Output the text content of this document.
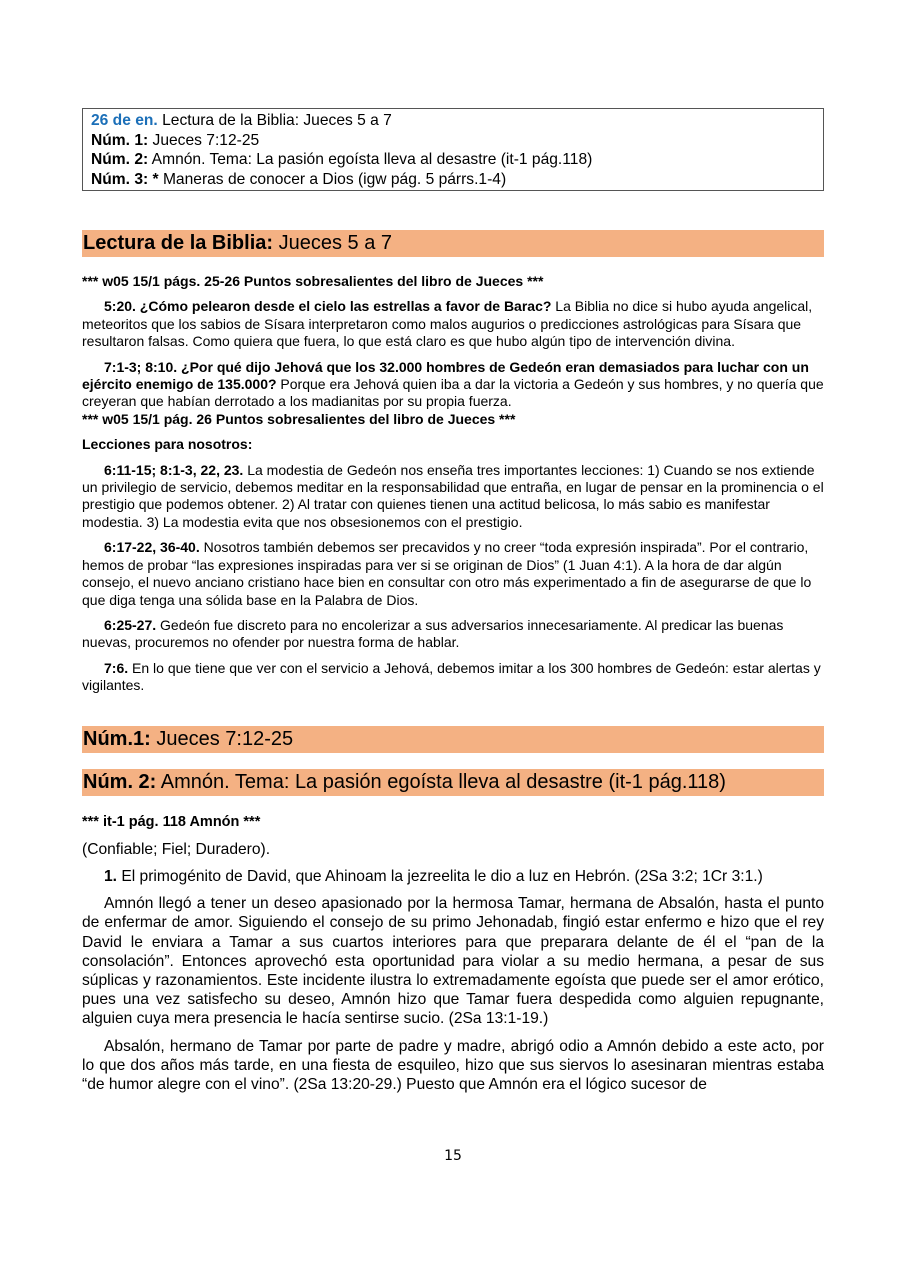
26 de en. Lectura de la Biblia: Jueces 5 a 7
Núm. 1: Jueces 7:12-25
Núm. 2: Amnón. Tema: La pasión egoísta lleva al desastre (it-1 pág.118)
Núm. 3: * Maneras de conocer a Dios (igw pág. 5 párrs.1-4)
Lectura de la Biblia: Jueces 5 a 7

*** w05 15/1 págs. 25-26 Puntos sobresalientes del libro de Jueces ***

5:20. ¿Cómo pelearon desde el cielo las estrellas a favor de Barac? La Biblia no dice si hubo ayuda angelical, meteoritos que los sabios de Sísara interpretaron como malos augurios o predicciones astrológicas para Sísara que resultaron falsas. Como quiera que fuera, lo que está claro es que hubo algún tipo de intervención divina.

7:1-3; 8:10. ¿Por qué dijo Jehová que los 32.000 hombres de Gedeón eran demasiados para luchar con un ejército enemigo de 135.000? Porque era Jehová quien iba a dar la victoria a Gedeón y sus hombres, y no quería que creyeran que habían derrotado a los madianitas por su propia fuerza.

*** w05 15/1 pág. 26 Puntos sobresalientes del libro de Jueces ***

Lecciones para nosotros:

6:11-15; 8:1-3, 22, 23. La modestia de Gedeón nos enseña tres importantes lecciones: 1) Cuando se nos extiende un privilegio de servicio, debemos meditar en la responsabilidad que entraña, en lugar de pensar en la prominencia o el prestigio que podemos obtener. 2) Al tratar con quienes tienen una actitud belicosa, lo más sabio es manifestar modestia. 3) La modestia evita que nos obsesionemos con el prestigio.

6:17-22, 36-40. Nosotros también debemos ser precavidos y no creer “toda expresión inspirada”. Por el contrario, hemos de probar “las expresiones inspiradas para ver si se originan de Dios” (1 Juan 4:1). A la hora de dar algún consejo, el nuevo anciano cristiano hace bien en consultar con otro más experimentado a fin de asegurarse de que lo que diga tenga una sólida base en la Palabra de Dios.

6:25-27. Gedeón fue discreto para no encolerizar a sus adversarios innecesariamente. Al predicar las buenas nuevas, procuremos no ofender por nuestra forma de hablar.

7:6. En lo que tiene que ver con el servicio a Jehová, debemos imitar a los 300 hombres de Gedeón: estar alertas y vigilantes.

Núm.1: Jueces 7:12-25
Núm. 2: Amnón. Tema: La pasión egoísta lleva al desastre (it-1 pág.118)

*** it-1 pág. 118 Amnón ***

(Confiable; Fiel; Duradero).

1. El primogénito de David, que Ahinoam la jezreelita le dio a luz en Hebrón. (2Sa 3:2; 1Cr 3:1.)

Amnón llegó a tener un deseo apasionado por la hermosa Tamar, hermana de Absalón, hasta el punto de enfermar de amor. Siguiendo el consejo de su primo Jehonadab, fingió estar enfermo e hizo que el rey David le enviara a Tamar a sus cuartos interiores para que preparara delante de él el “pan de la consolación”. Entonces aprovechó esta oportunidad para violar a su medio hermana, a pesar de sus súplicas y razonamientos. Este incidente ilustra lo extremadamente egoísta que puede ser el amor erótico, pues una vez satisfecho su deseo, Amnón hizo que Tamar fuera despedida como alguien repugnante, alguien cuya mera presencia le hacía sentirse sucio. (2Sa 13:1-19.)

Absalón, hermano de Tamar por parte de padre y madre, abrigó odio a Amnón debido a este acto, por lo que dos años más tarde, en una fiesta de esquileo, hizo que sus siervos lo asesinaran mientras estaba “de humor alegre con el vino”. (2Sa 13:20-29.) Puesto que Amnón era el lógico sucesor de

15
